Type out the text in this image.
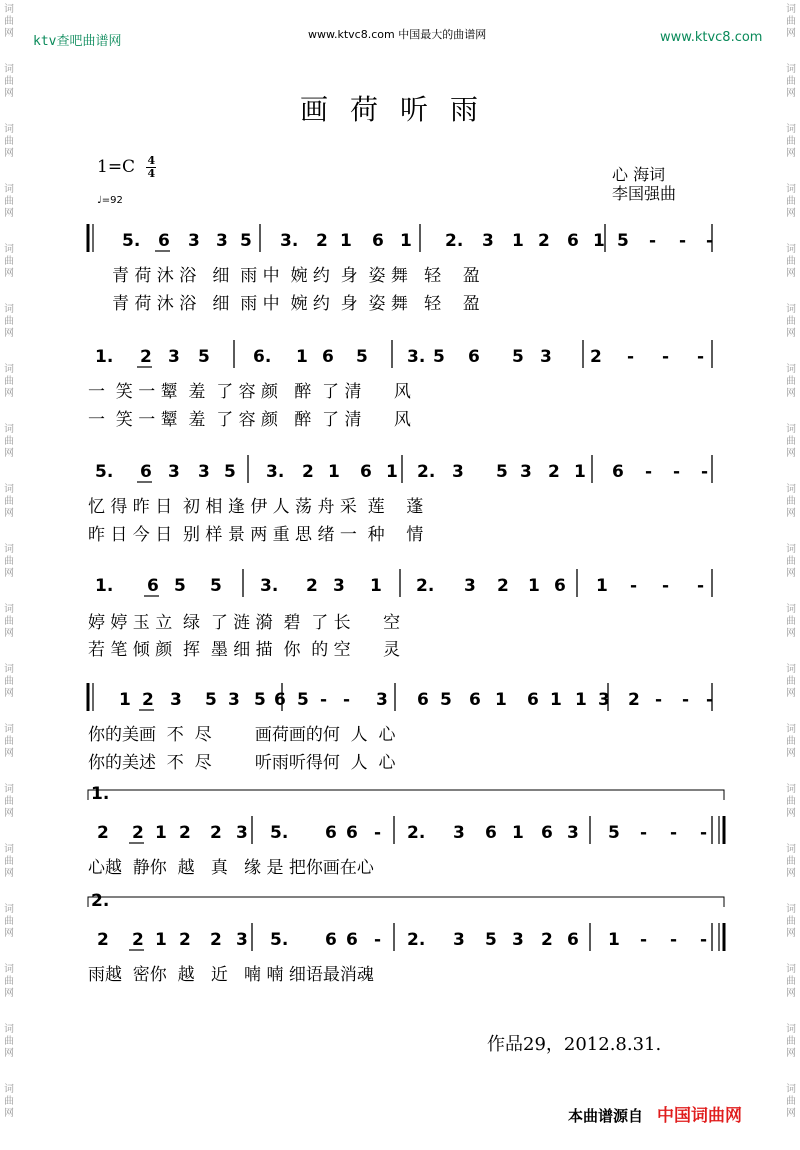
ktv查吧曲谱网	www.ktvc8.com 中国最大的曲谱网	www.ktvc8.com
词
曲
网
词
曲
网
词
曲
网
词
曲
网
词
曲
网
词
曲
网
词
曲
网
词
曲
网
词
曲
网
词
曲
网
词
曲
网
词
曲
网
词
曲
网
词
曲
网
词
曲
网
词
曲
网
词
曲
网
词
曲
网
词
曲
网
词
曲
网
词
曲
网
词
曲
网
词
曲
网
词
曲
网
词
曲
网
词
曲
网
词
曲
网
词
曲
网
词
曲
网
词
曲
网
词
曲
网
词
曲
网
词
曲
网
词
曲
网
词
曲
网
词
曲
网
词
曲
网
词
曲
网
画荷听雨
$1=C \frac{4}{4}$
♩=92
心 海词
李国强曲
5. 6 3 3 5 3. 2 1 6 1 2. 3 1 2 6 1 5 - - -
1. 2 3 5	6. 1 6 5 3. 5 6 5 3 2 - - -
5. 6 3 3 5 3. 2 1 6 1 2. 3 5 3 2 1 6 - - -
1. 6 5 5 3. 2 3 1 2. 3 2 1 6 1 - - -
1 2 3 5 3 5 6 5 - - 3 6 5 6 1 6 1 1 3 2 - - -
1.
2 2 1 2 2 3 5. 6 6 - 2. 3 6 1 6 3 5 - - -
2.
2 2 1 2 2 3 5. 6 6 - 2. 3 5 3 2 6 1 - - -
青 荷 沐 浴   细  雨 中  婉 约  身  姿 舞   轻    盈
青 荷 沐 浴   细  雨 中  婉 约  身  姿 舞   轻    盈
一  笑 一 颦  羞  了 容 颜   醉  了 清      风
一  笑 一 颦  羞  了 容 颜   醉  了 清      风
忆 得 昨 日  初 相 逢 伊 人 荡 舟 采  莲    蓬
昨 日 今 日  别 样 景 两 重 思 绪 一  种    情
婷 婷 玉 立  绿  了 涟 漪  碧  了 长      空
若 笔 倾 颜  挥  墨 细 描  你  的 空      灵
你的美画  不  尽        画荷画的何  人  心
你的美述  不  尽        听雨听得何  人  心
心越  静你  越   真   缘 是 把你画在心
雨越  密你  越   近   喃 喃 细语最消魂
作品29，2012.8.31.
本曲谱源自 中国词曲网
